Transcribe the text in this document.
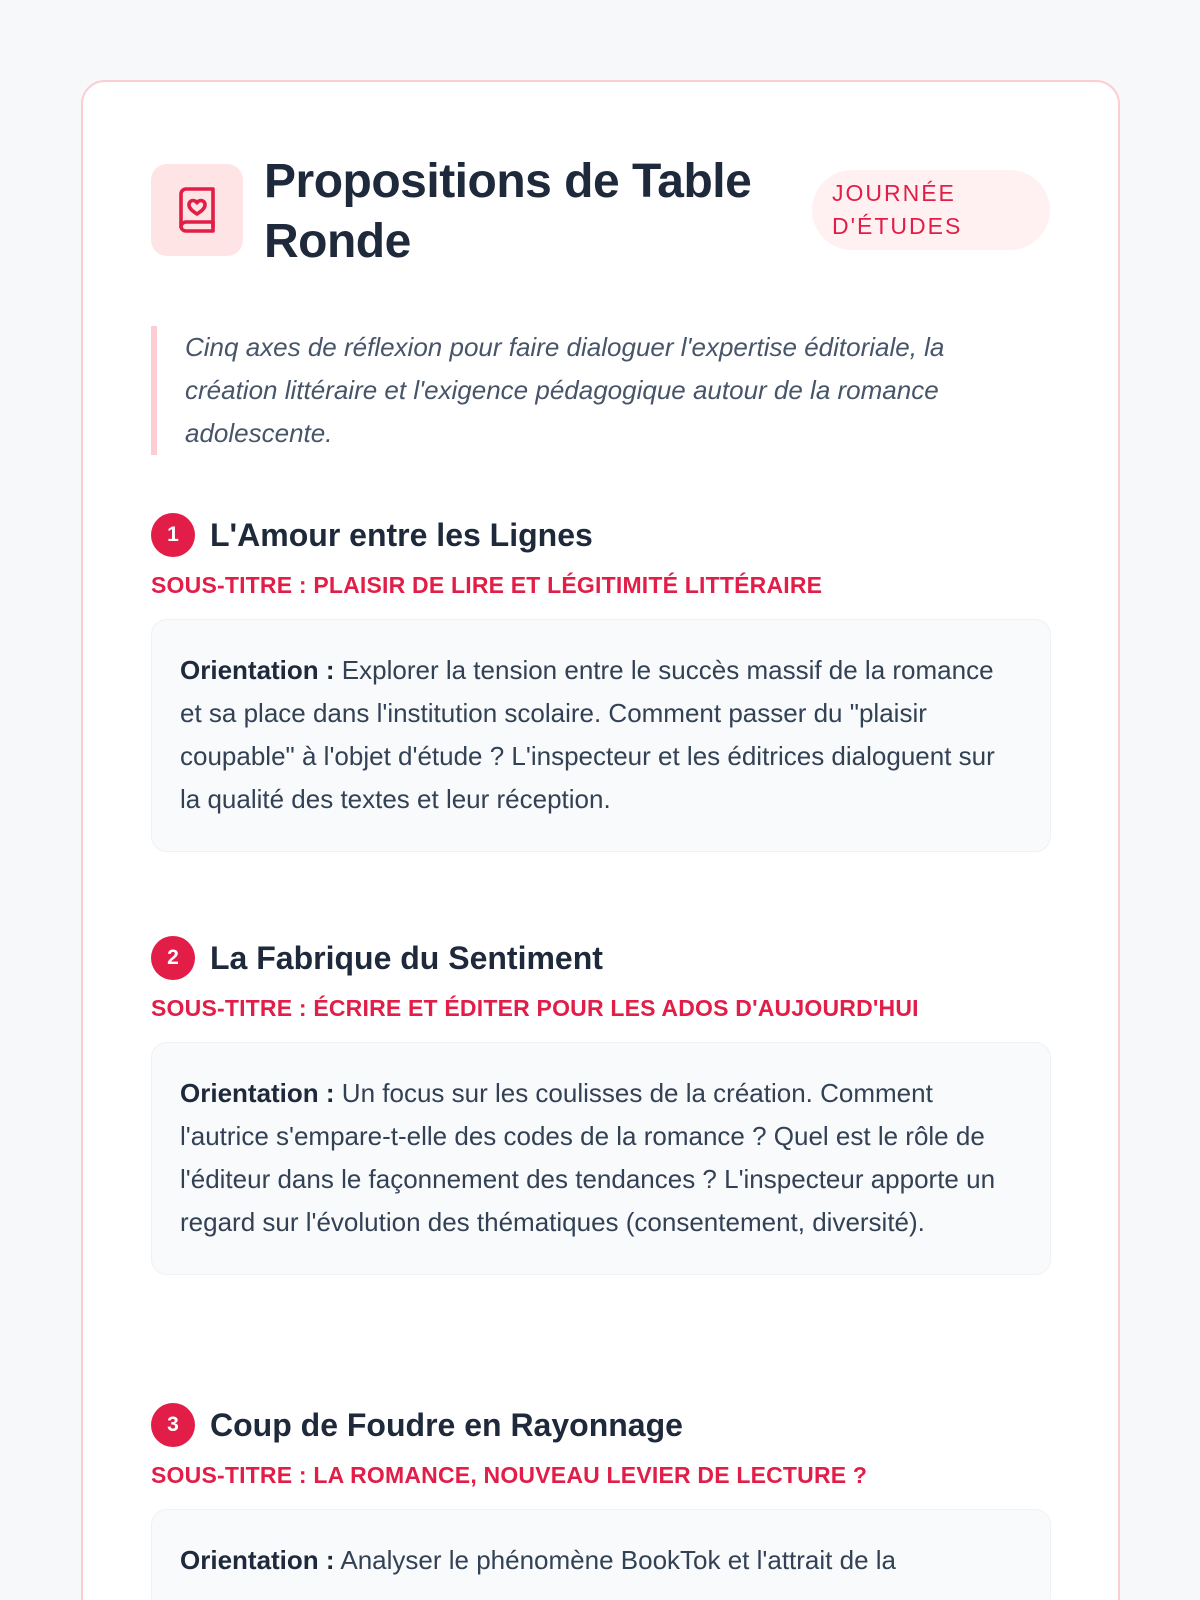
Propositions de Table Ronde
JOURNÉE
D'ÉTUDES

Cinq axes de réflexion pour faire dialoguer l'expertise éditoriale, la création littéraire et l'exigence pédagogique autour de la romance adolescente.

1 L'Amour entre les Lignes
SOUS-TITRE : PLAISIR DE LIRE ET LÉGITIMITÉ LITTÉRAIRE
Orientation : Explorer la tension entre le succès massif de la romance et sa place dans l'institution scolaire. Comment passer du "plaisir coupable" à l'objet d'étude ? L'inspecteur et les éditrices dialoguent sur la qualité des textes et leur réception.
2 La Fabrique du Sentiment
SOUS-TITRE : ÉCRIRE ET ÉDITER POUR LES ADOS D'AUJOURD'HUI
Orientation : Un focus sur les coulisses de la création. Comment l'autrice s'empare-t-elle des codes de la romance ? Quel est le rôle de l'éditeur dans le façonnement des tendances ? L'inspecteur apporte un regard sur l'évolution des thématiques (consentement, diversité).
3 Coup de Foudre en Rayonnage
SOUS-TITRE : LA ROMANCE, NOUVEAU LEVIER DE LECTURE ?
Orientation : Analyser le phénomène BookTok et l'attrait de la
